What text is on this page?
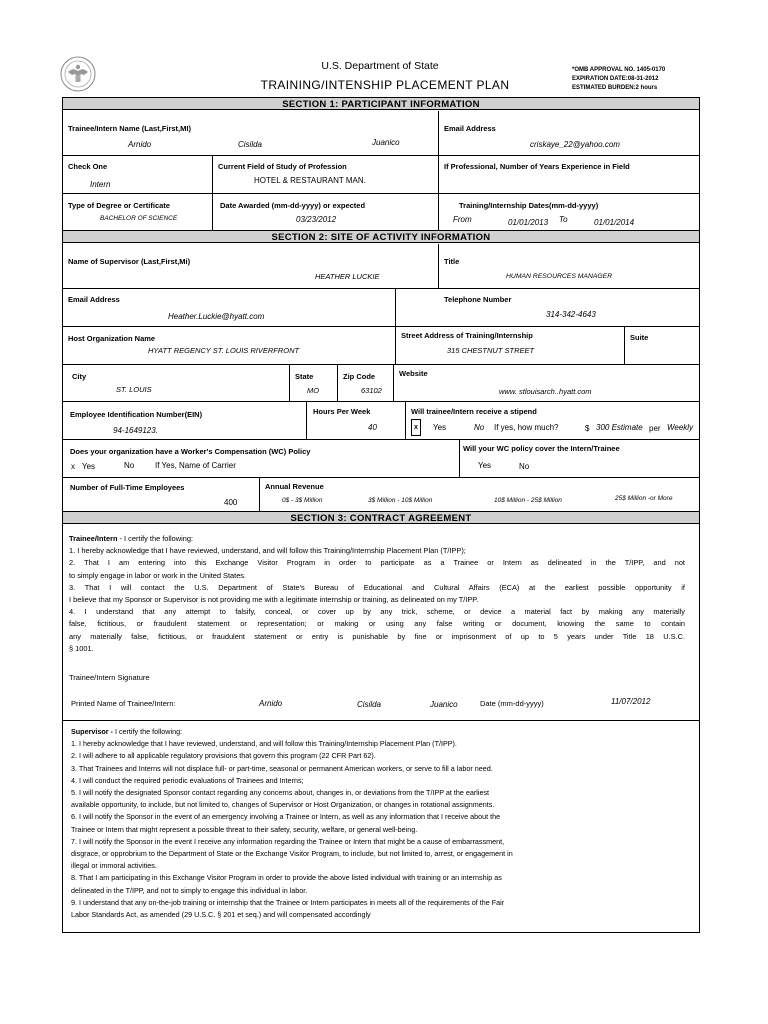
U.S. Department of State
TRAINING/INTENSHIP PLACEMENT PLAN
*OMB APPROVAL NO. 1405-0170
EXPIRATION DATE:08-31-2012
ESTIMATED BURDEN:2 hours
SECTION 1: PARTICIPANT INFORMATION
Trainee/Intern Name (Last,First,MI)
Arnido	Cisilda	Juanico
Email Address
criskaye_22@yahoo.com
Check One
Intern
Current Field of Study of Profession
HOTEL & RESTAURANT MAN.
If Professional, Number of Years Experience in Field
Type of Degree or Certificate
BACHELOR OF SCIENCE
Date Awarded (mm-dd-yyyy) or expected
03/23/2012
Training/Internship Dates(mm-dd-yyyy)
From	01/01/2013 To	01/01/2014
SECTION 2: SITE OF ACTIVITY INFORMATION
Name of Supervisor (Last,First,Mi)
HEATHER LUCKIE
Title
HUMAN RESOURCES MANAGER
Email Address
Heather.Luckie@hyatt.com
Telephone Number
314-342-4643
Host Organization Name
HYATT REGENCY ST. LOUIS RIVERFRONT
Street Address of Training/Internship
315 CHESTNUT STREET
Suite
City
ST. LOUIS
State
MO
Zip Code
63102
Website
www. stlouisarch..hyatt.com
Employee Identification Number(EIN)
94-1649123.
Hours Per Week
40
Will trainee/Intern receive a stipend
x	Yes	No If yes, how much?	$ 300 Estimate per Weekly
Does your organization have a Worker's Compensation (WC) Policy
x Yes	No	If Yes, Name of Carrier
Will your WC policy cover the Intern/Trainee
Yes	No
Number of Full-Time Employees
400
Annual Revenue
0$ - 3$ Million	3$ Million - 10$ Million	10$ Million - 25$ Million	25$ Million -or More
SECTION 3: CONTRACT AGREEMENT

Trainee/Intern - I certify the following:

1. I hereby acknowledge that I have reviewed, understand, and will follow this Training/Internship Placement Plan (T/IPP);

2. That I am entering into this Exchange Visitor Program in order to participate as a Trainee or Intern as delineated in the T/IPP, and not

to simply engage in labor or work in the United States.

3. That I will contact the U.S. Department of State's Bureau of Educational and Cultural Affairs (ECA) at the earliest possible opportunity if

I believe that my Sponsor or Supervisor is not providing me with a legitimate internship or training, as delineated on my T/IPP.

4. I understand that any attempt to falsify, conceal, or cover up by any trick, scheme, or device a material fact by making any materially

false, fictitious, or fraudulent statement or representation; or making or using any false writing or document, knowing the same to contain

any materially false, fictitious, or fraudulent statement or entry is punishable by fine or imprisonment of up to 5 years under Title 18 U.S.C.

§ 1001.

Trainee/Intern Signature
Printed Name of Trainee/Intern:	Arnido	Cisilda	Juanico	Date (mm-dd-yyyy)	11/07/2012

Supervisor - I certify the following:

1. I hereby acknowledge that I have reviewed, understand, and will follow this Training/Internship Placement Plan (T/IPP).

2. I will adhere to all applicable regulatory provisions that govern this program (22 CFR Part 62).

3. That Trainees and Interns will not displace full- or part-time, seasonal or permanent American workers, or serve to fill a labor need.

4. I will conduct the required periodic evaluations of Trainees and Interns;

5. I will notify the designated Sponsor contact regarding any concerns about, changes in, or deviations from the T/IPP at the earliest

available opportunity, to include, but not limited to, changes of Supervisor or Host Organization, or changes in rotational assignments.

6. I will notify the Sponsor in the event of an emergency involving a Trainee or Intern, as well as any information that I receive about the

Trainee or Intern that might represent a possible threat to their safety, security, welfare, or general well-being.

7. I will notify the Sponsor in the event I receive any information regarding the Trainee or Intern that might be a cause of embarrassment,

disgrace, or opprobrium to the Department of State or the Exchange Visitor Program, to include, but not limited to, arrest, or engagement in

illegal or immoral activities.

8. That I am participating in this Exchange Visitor Program in order to provide the above listed individual with training or an internship as

delineated in the T/IPP, and not to simply to engage this individual in labor.

9. I understand that any on-the-job training or internship that the Trainee or Intern participates in meets all of the requirements of the Fair

Labor Standards Act, as amended (29 U.S.C. § 201 et seq.) and will compensated accordingly
